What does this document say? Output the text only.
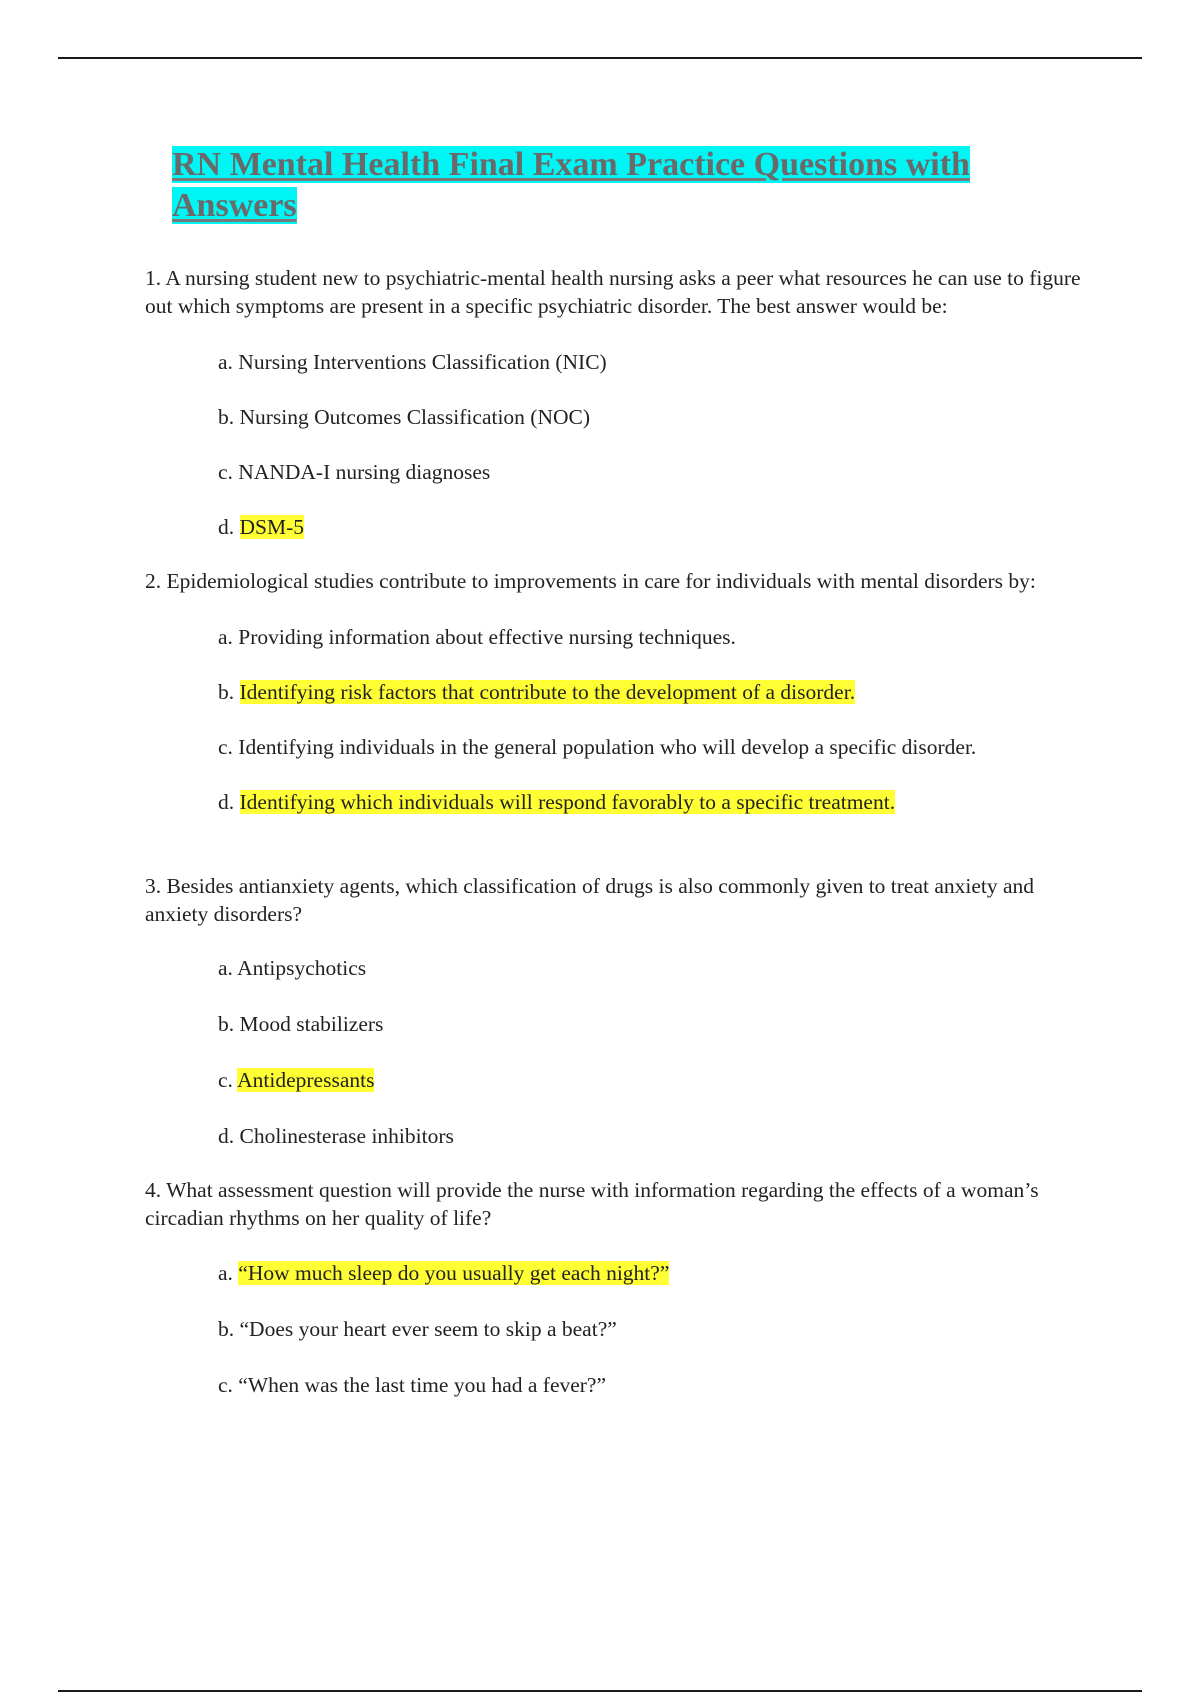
RN Mental Health Final Exam Practice Questions with Answers

1. A nursing student new to psychiatric-mental health nursing asks a peer what resources he can use to figure out which symptoms are present in a specific psychiatric disorder. The best answer would be:

a. Nursing Interventions Classification (NIC)

b. Nursing Outcomes Classification (NOC)

c. NANDA-I nursing diagnoses

d. DSM-5

2. Epidemiological studies contribute to improvements in care for individuals with mental disorders by:

a. Providing information about effective nursing techniques.

b. Identifying risk factors that contribute to the development of a disorder.

c. Identifying individuals in the general population who will develop a specific disorder.

d. Identifying which individuals will respond favorably to a specific treatment.

3. Besides antianxiety agents, which classification of drugs is also commonly given to treat anxiety and anxiety disorders?

a. Antipsychotics

b. Mood stabilizers

c. Antidepressants

d. Cholinesterase inhibitors

4. What assessment question will provide the nurse with information regarding the effects of a woman’s circadian rhythms on her quality of life?

a. “How much sleep do you usually get each night?”

b. “Does your heart ever seem to skip a beat?”

c. “When was the last time you had a fever?”
